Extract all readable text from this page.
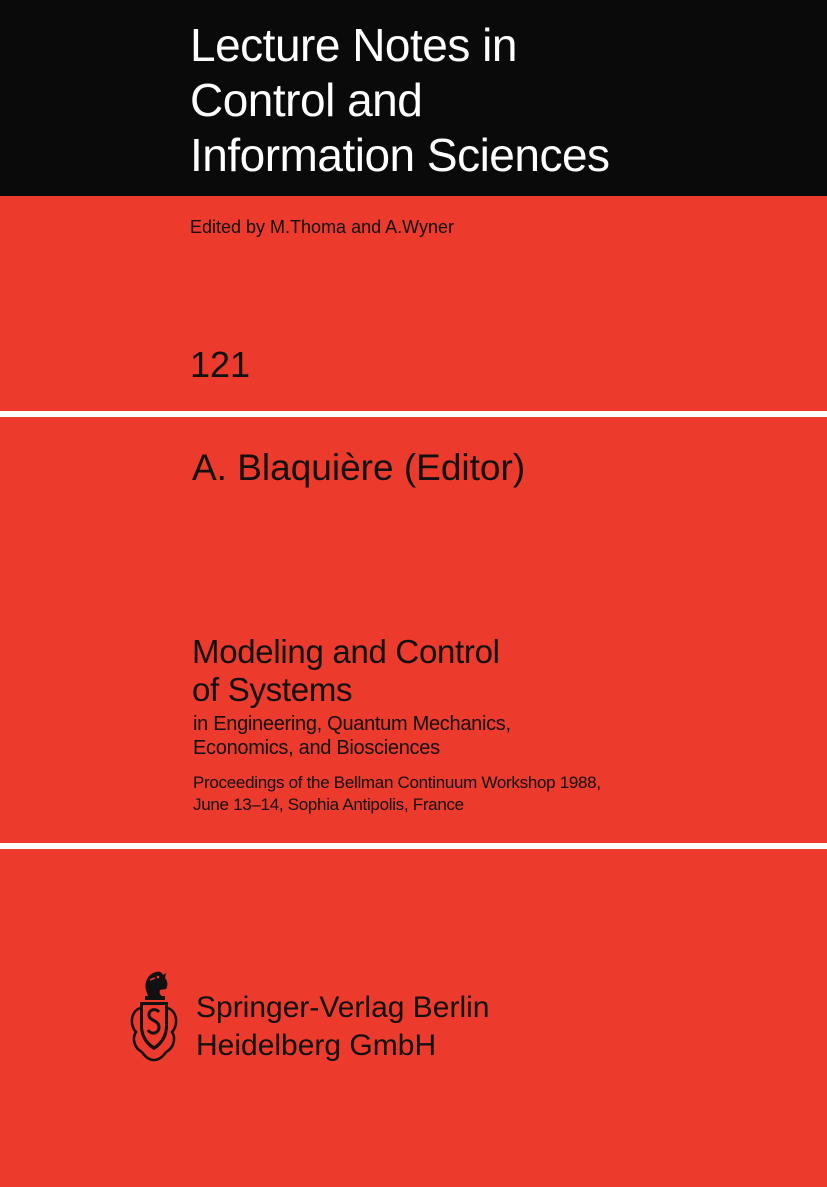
Lecture Notes in
Control and
Information Sciences
Edited by M.Thoma and A.Wyner
121
A. Blaquière (Editor)
Modeling and Control
of Systems
in Engineering, Quantum Mechanics,
Economics, and Biosciences
Proceedings of the Bellman Continuum Workshop 1988,
June 13–14, Sophia Antipolis, France
Springer-Verlag Berlin
Heidelberg GmbH
